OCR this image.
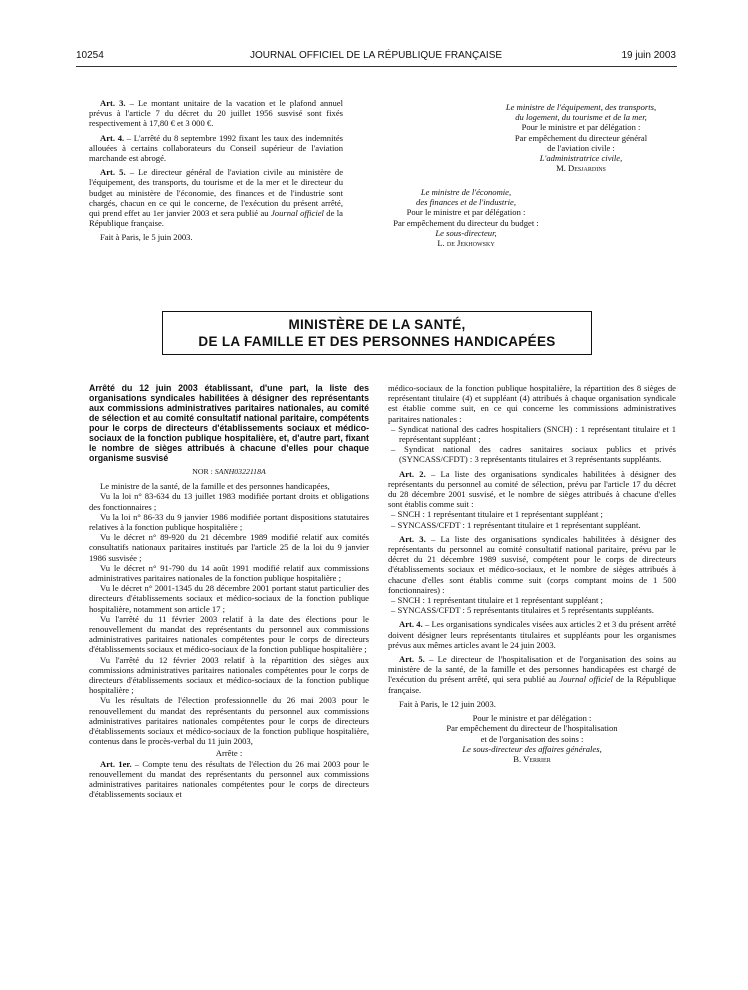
10254	JOURNAL OFFICIEL DE LA RÉPUBLIQUE FRANÇAISE	19 juin 2003

Art. 3. – Le montant unitaire de la vacation et le plafond annuel prévus à l'article 7 du décret du 20 juillet 1956 susvisé sont fixés respectivement à 17,80 € et 3 000 €.

Art. 4. – L'arrêté du 8 septembre 1992 fixant les taux des indemnités allouées à certains collaborateurs du Conseil supérieur de l'aviation marchande est abrogé.

Art. 5. – Le directeur général de l'aviation civile au ministère de l'équipement, des transports, du tourisme et de la mer et le directeur du budget au ministère de l'économie, des finances et de l'industrie sont chargés, chacun en ce qui le concerne, de l'exécution du présent arrêté, qui prend effet au 1er janvier 2003 et sera publié au Journal officiel de la République française.

Fait à Paris, le 5 juin 2003.

Le ministre de l'équipement, des transports,
du logement, du tourisme et de la mer,
Pour le ministre et par délégation :
Par empêchement du directeur général
de l'aviation civile :
L'administratrice civile,
M. Desjardins
Le ministre de l'économie,
des finances et de l'industrie,
Pour le ministre et par délégation :
Par empêchement du directeur du budget :
Le sous-directeur,
L. de Jekhowsky
MINISTÈRE DE LA SANTÉ,
DE LA FAMILLE ET DES PERSONNES HANDICAPÉES

Arrêté du 12 juin 2003 établissant, d'une part, la liste des organisations syndicales habilitées à désigner des représentants aux commissions administratives paritaires nationales, au comité de sélection et au comité consultatif national paritaire, compétents pour le corps de directeurs d'établissements sociaux et médico-sociaux de la fonction publique hospitalière, et, d'autre part, fixant le nombre de sièges attribués à chacune d'elles pour chaque organisme susvisé

NOR : SANH0322118A

Le ministre de la santé, de la famille et des personnes handicapées,

Vu la loi n° 83-634 du 13 juillet 1983 modifiée portant droits et obligations des fonctionnaires ;

Vu la loi n° 86-33 du 9 janvier 1986 modifiée portant dispositions statutaires relatives à la fonction publique hospitalière ;

Vu le décret n° 89-920 du 21 décembre 1989 modifié relatif aux comités consultatifs nationaux paritaires institués par l'article 25 de la loi du 9 janvier 1986 susvisée ;

Vu le décret n° 91-790 du 14 août 1991 modifié relatif aux commissions administratives paritaires nationales de la fonction publique hospitalière ;

Vu le décret n° 2001-1345 du 28 décembre 2001 portant statut particulier des directeurs d'établissements sociaux et médico-sociaux de la fonction publique hospitalière, notamment son article 17 ;

Vu l'arrêté du 11 février 2003 relatif à la date des élections pour le renouvellement du mandat des représentants du personnel aux commissions administratives paritaires nationales compétentes pour le corps de directeurs d'établissements sociaux et médico-sociaux de la fonction publique hospitalière ;

Vu l'arrêté du 12 février 2003 relatif à la répartition des sièges aux commissions administratives paritaires nationales compétentes pour le corps de directeurs d'établissements sociaux et médico-sociaux de la fonction publique hospitalière ;

Vu les résultats de l'élection professionnelle du 26 mai 2003 pour le renouvellement du mandat des représentants du personnel aux commissions administratives paritaires nationales compétentes pour le corps de directeurs d'établissements sociaux et médico-sociaux de la fonction publique hospitalière, contenus dans le procès-verbal du 11 juin 2003,

Arrête :

Art. 1er. – Compte tenu des résultats de l'élection du 26 mai 2003 pour le renouvellement du mandat des représentants du personnel aux commissions administratives paritaires nationales compétentes pour le corps de directeurs d'établissements sociaux et

médico-sociaux de la fonction publique hospitalière, la répartition des 8 sièges de représentant titulaire (4) et suppléant (4) attribués à chaque organisation syndicale est établie comme suit, en ce qui concerne les commissions administratives paritaires nationales :

– Syndicat national des cadres hospitaliers (SNCH) : 1 représentant titulaire et 1 représentant suppléant ;
– Syndicat national des cadres sanitaires sociaux publics et privés (SYNCASS/CFDT) : 3 représentants titulaires et 3 représentants suppléants.

Art. 2. – La liste des organisations syndicales habilitées à désigner des représentants du personnel au comité de sélection, prévu par l'article 17 du décret du 28 décembre 2001 susvisé, et le nombre de sièges attribués à chacune d'elles sont établis comme suit :

– SNCH : 1 représentant titulaire et 1 représentant suppléant ;
– SYNCASS/CFDT : 1 représentant titulaire et 1 représentant suppléant.

Art. 3. – La liste des organisations syndicales habilitées à désigner des représentants du personnel au comité consultatif national paritaire, prévu par le décret du 21 décembre 1989 susvisé, compétent pour le corps de directeurs d'établissements sociaux et médico-sociaux, et le nombre de sièges attribués à chacune d'elles sont établis comme suit (corps comptant moins de 1 500 fonctionnaires) :

– SNCH : 1 représentant titulaire et 1 représentant suppléant ;
– SYNCASS/CFDT : 5 représentants titulaires et 5 représentants suppléants.

Art. 4. – Les organisations syndicales visées aux articles 2 et 3 du présent arrêté doivent désigner leurs représentants titulaires et suppléants pour les organismes prévus aux mêmes articles avant le 24 juin 2003.

Art. 5. – Le directeur de l'hospitalisation et de l'organisation des soins au ministère de la santé, de la famille et des personnes handicapées est chargé de l'exécution du présent arrêté, qui sera publié au Journal officiel de la République française.

Fait à Paris, le 12 juin 2003.

Pour le ministre et par délégation :
Par empêchement du directeur de l'hospitalisation
et de l'organisation des soins :
Le sous-directeur des affaires générales,
B. Verrier
